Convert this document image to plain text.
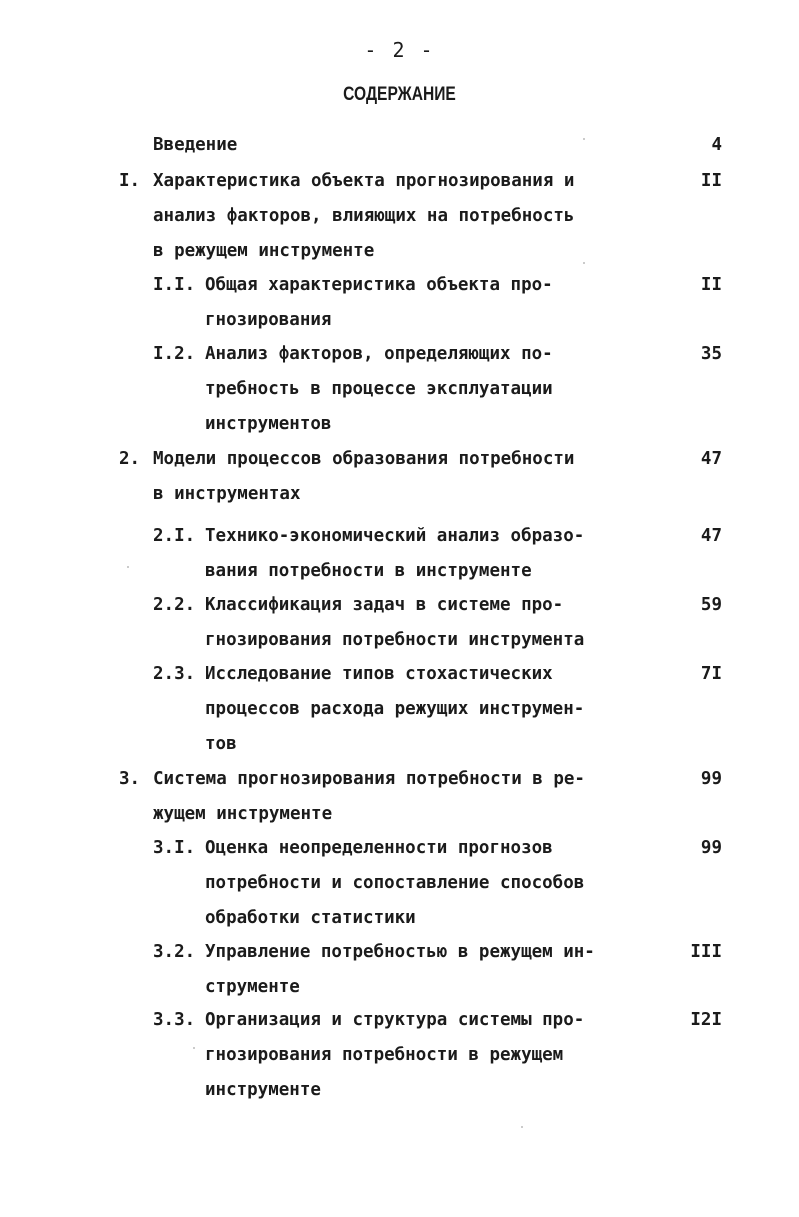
- 2 -
СОДЕРЖАНИЕ
Введение	4
I. Характеристика объекта прогнозирования и
анализ факторов, влияющих на потребность
в режущем инструменте
II
I.I. Общая характеристика объекта про-
гнозирования
II
I.2. Анализ факторов, определяющих по-
требность в процессе эксплуатации
инструментов
35
2. Модели процессов образования потребности
в инструментах
47
2.I. Технико-экономический анализ образо-
вания потребности в инструменте
47
2.2. Классификация задач в системе про-
гнозирования потребности инструмента
59
2.3. Исследование типов стохастических
процессов расхода режущих инструмен-
тов
7I
3. Система прогнозирования потребности в ре-
жущем инструменте
99
3.I. Оценка неопределенности прогнозов
потребности и сопоставление способов
обработки статистики
99
3.2. Управление потребностью в режущем ин-
струменте
III
3.3. Организация и структура системы про-
гнозирования потребности в режущем
инструменте
I2I
